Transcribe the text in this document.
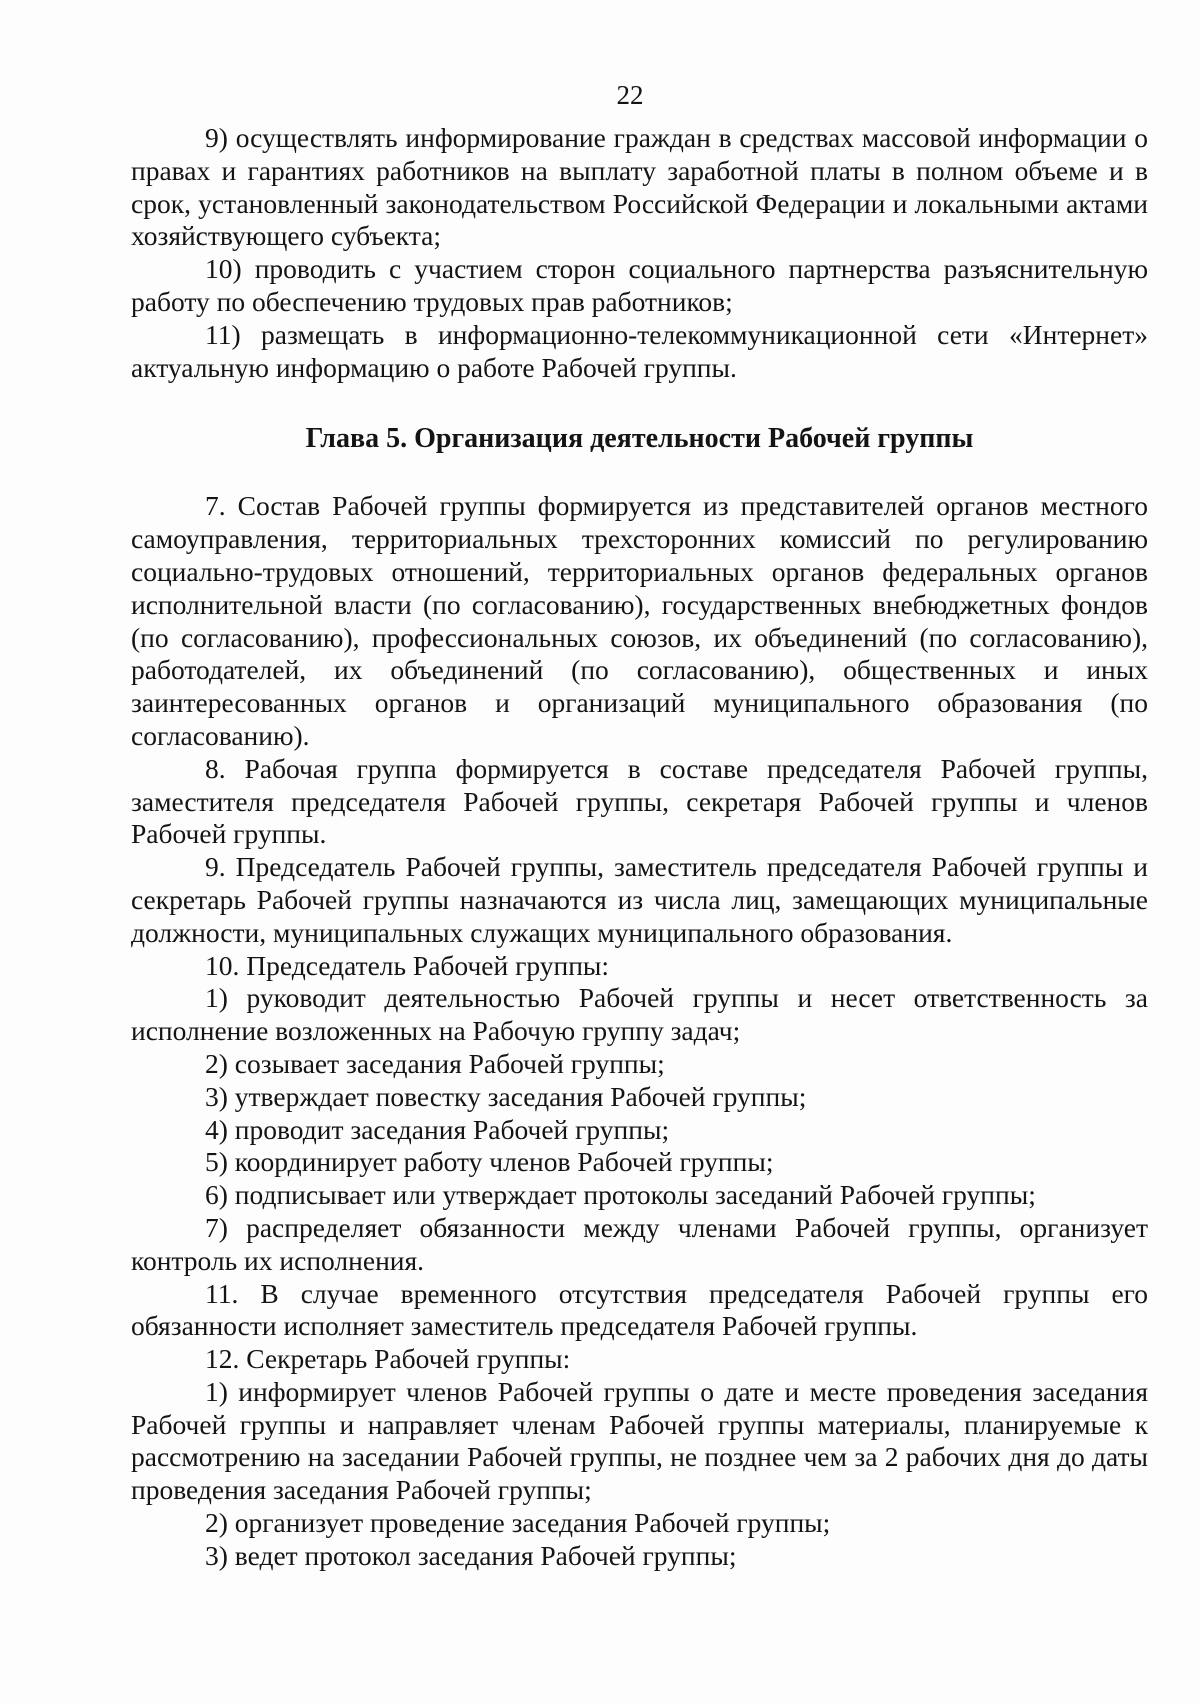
22

9) осуществлять информирование граждан в средствах массовой информации о правах и гарантиях работников на выплату заработной платы в полном объеме и в срок, установленный законодательством Российской Федерации и локальными актами хозяйствующего субъекта;

10) проводить с участием сторон социального партнерства разъяснительную работу по обеспечению трудовых прав работников;

11) размещать в информационно-телекоммуникационной сети «Интернет» актуальную информацию о работе Рабочей группы.

Глава 5. Организация деятельности Рабочей группы

7. Состав Рабочей группы формируется из представителей органов местного самоуправления, территориальных трехсторонних комиссий по регулированию социально-трудовых отношений, территориальных органов федеральных органов исполнительной власти (по согласованию), государственных внебюджетных фондов (по согласованию), профессиональных союзов, их объединений (по согласованию), работодателей, их объединений (по согласованию), общественных и иных заинтересованных органов и организаций муниципального образования (по согласованию).

8. Рабочая группа формируется в составе председателя Рабочей группы, заместителя председателя Рабочей группы, секретаря Рабочей группы и членов Рабочей группы.

9. Председатель Рабочей группы, заместитель председателя Рабочей группы и секретарь Рабочей группы назначаются из числа лиц, замещающих муниципальные должности, муниципальных служащих муниципального образования.

10. Председатель Рабочей группы:

1) руководит деятельностью Рабочей группы и несет ответственность за исполнение возложенных на Рабочую группу задач;

2) созывает заседания Рабочей группы;

3) утверждает повестку заседания Рабочей группы;

4) проводит заседания Рабочей группы;

5) координирует работу членов Рабочей группы;

6) подписывает или утверждает протоколы заседаний Рабочей группы;

7) распределяет обязанности между членами Рабочей группы, организует контроль их исполнения.

11. В случае временного отсутствия председателя Рабочей группы его обязанности исполняет заместитель председателя Рабочей группы.

12. Секретарь Рабочей группы:

1) информирует членов Рабочей группы о дате и месте проведения заседания Рабочей группы и направляет членам Рабочей группы материалы, планируемые к рассмотрению на заседании Рабочей группы, не позднее чем за 2 рабочих дня до даты проведения заседания Рабочей группы;

2) организует проведение заседания Рабочей группы;

3) ведет протокол заседания Рабочей группы;
